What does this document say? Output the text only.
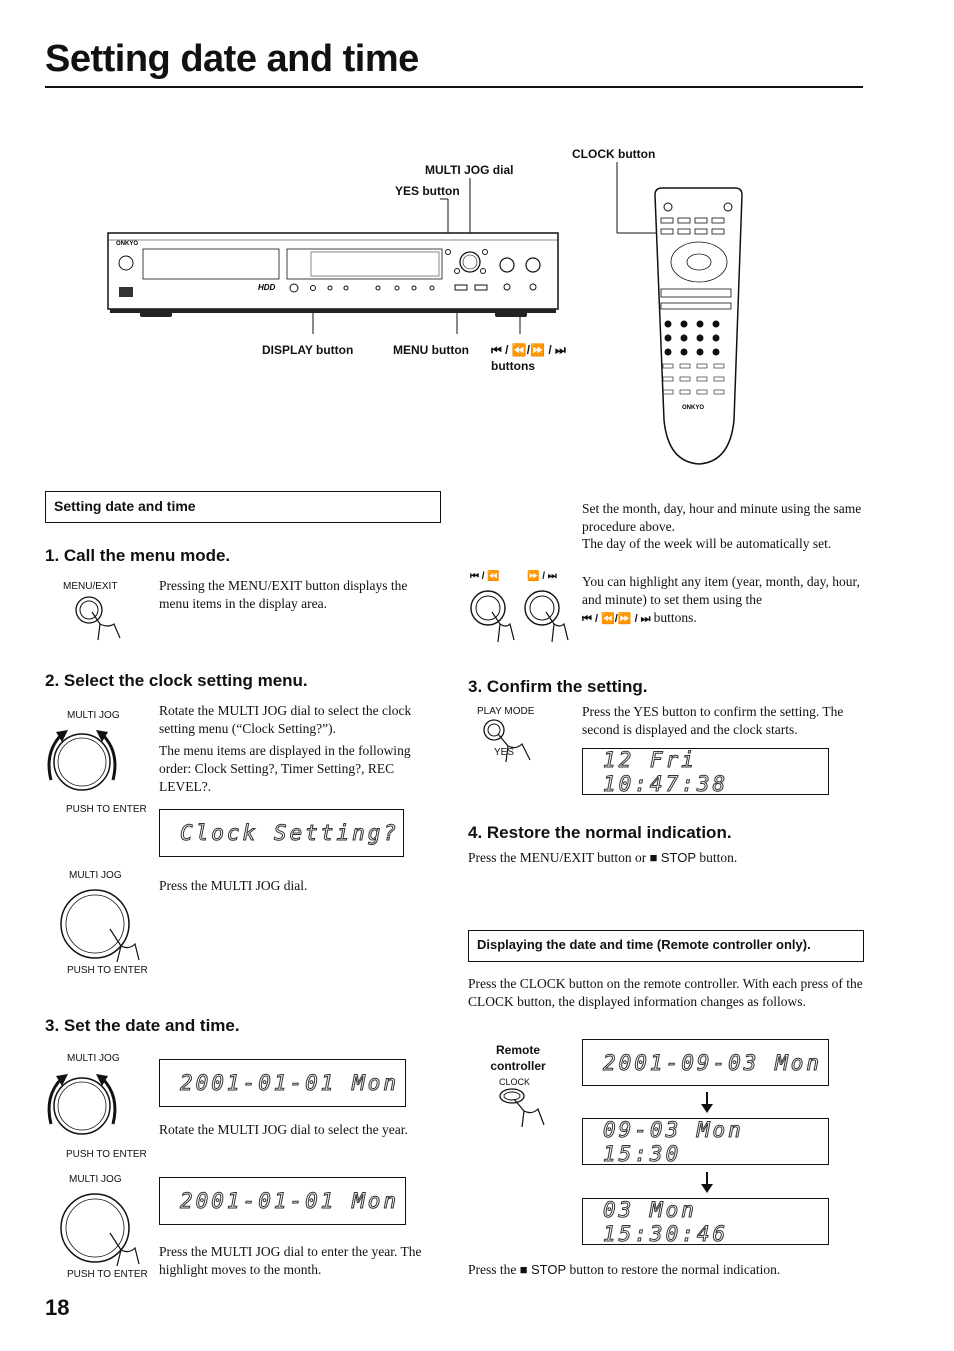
Setting date and time
MULTI JOG dial
YES button
CLOCK button
DISPLAY button	MENU button ⏮ / ⏪/⏩ / ⏭
buttons
ONKYO
HDD
ONKYO
Setting date and time
1. Call the menu mode.
MENU/EXIT	Pressing the MENU/EXIT button displays the menu items in the display area.
2. Select the clock setting menu.
MULTI JOG
PUSH TO ENTER
Rotate the MULTI JOG dial to select the clock setting menu (“Clock Setting?”).
The menu items are displayed in the following order: Clock Setting?, Timer Setting?, REC LEVEL?.
Clock Setting?
MULTI JOG
PUSH TO ENTER
Press the MULTI JOG dial.
3. Set the date and time.
MULTI JOG
PUSH TO ENTER
2001-01-01 Mon
Rotate the MULTI JOG dial to select the year.
MULTI JOG
PUSH TO ENTER
2001-01-01 Mon
Press the MULTI JOG dial to enter the year. The highlight moves to the month.
18
Set the month, day, hour and minute using the same procedure above.
The day of the week will be automatically set.
You can highlight any item (year, month, day, hour, and minute) to set them using the
⏮ / ⏪/⏩ / ⏭ buttons.
⏮ / ⏪	⏩ / ⏭
3. Confirm the setting.
PLAY MODE
YES
Press the YES button to confirm the setting. The second is displayed and the clock starts.
12 Fri 10:47:38
4. Restore the normal indication.
Press the MENU/EXIT button or ■ STOP button.
Displaying the date and time (Remote controller only).
Press the CLOCK button on the remote controller. With each press of the CLOCK button, the displayed information changes as follows.
Remote controller
CLOCK
2001-09-03 Mon
09-03 Mon 15:30
03 Mon 15:30:46
Press the ■ STOP button to restore the normal indication.
